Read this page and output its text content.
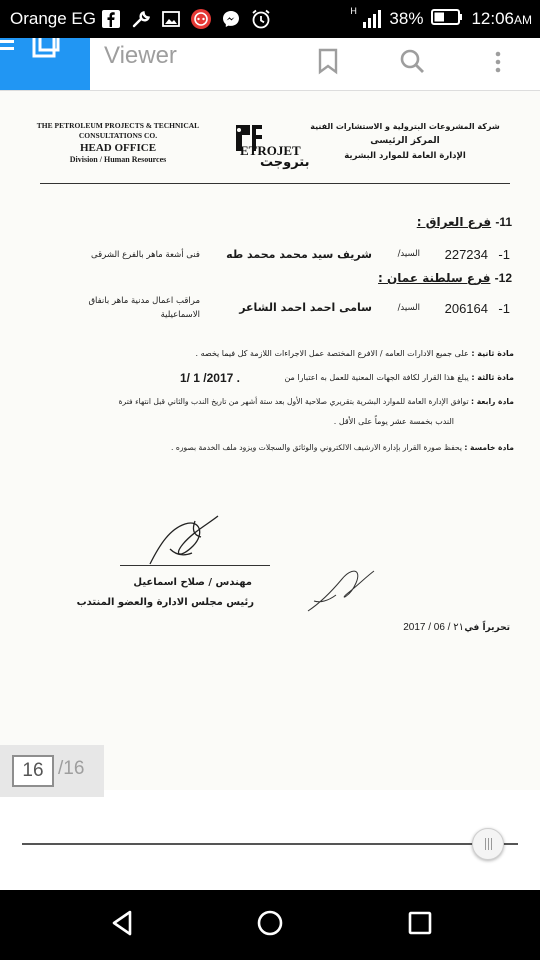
Orange EG	H 38%	12:06AM
Viewer
THE PETROLEUM PROJECTS & TECHNICAL
CONSULTATIONS CO.
HEAD OFFICE
Division / Human Resources
ETROJET
بتروجت
شركة المشروعات البترولية و الاستشارات الفنية
المركز الرئيسى
الإدارة العامة للموارد البشرية
11- فرع العراق :
1-
227234
السيد/
شريف سيد محمد محمد طه
فنى أشعة ماهر بالفرع الشرقى
12- فرع سلطنة عمان :
1-
206164
السيد/
سامى احمد احمد الشاعر
مراقب اعمال مدنية ماهر بانفاق
الاسماعيلية
مادة ثانية : على جميع الادارات العامه / الافرع المختصة عمل الاجراءات اللازمة كل فيما يخصه .
مادة ثالثة : يبلغ هذا القرار لكافة الجهات المعنية للعمل به اعتبارا من
1/ 1 /2017 .
مادة رابعة : توافق الإدارة العامة للموارد البشرية بتقريري صلاحية الأول بعد ستة أشهر من تاريخ الندب والثاني قبل انتهاء فترة
الندب بخمسة عشر يوماً على الأقل .
مادة خامسة : يحفظ صورة القرار بإدارة الارشيف الالكتروني والوثائق والسجلات ويزود ملف الخدمة بصوره .
مهندس / صلاح اسماعيل
رئيس مجلس الادارة والعضو المنتدب
تحريراً في
2017 / 06 / ٢١
16 /16
